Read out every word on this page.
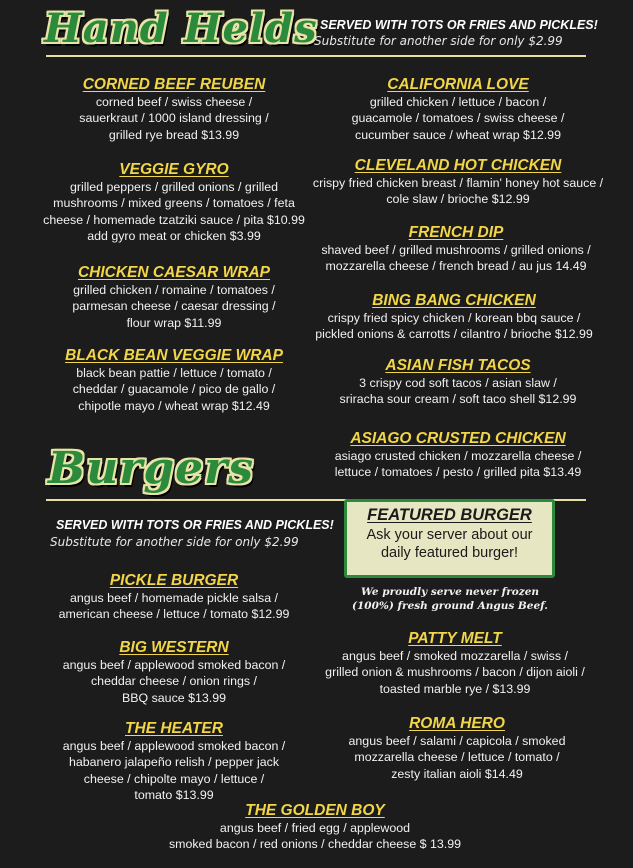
Hand Helds SERVED WITH TOTS OR FRIES AND PICKLES!
Substitute for another side for only $2.99
CORNED BEEF REUBEN
corned beef / swiss cheese /
sauerkraut / 1000 island dressing /
grilled rye bread $13.99
VEGGIE GYRO
grilled peppers / grilled onions / grilled
mushrooms / mixed greens / tomatoes / feta
cheese / homemade tzatziki sauce / pita $10.99
add gyro meat or chicken $3.99
CHICKEN CAESAR WRAP
grilled chicken / romaine / tomatoes /
parmesan cheese / caesar dressing /
flour wrap $11.99
BLACK BEAN VEGGIE WRAP
black bean pattie / lettuce / tomato /
cheddar / guacamole / pico de gallo /
chipotle mayo / wheat wrap $12.49
CALIFORNIA LOVE
grilled chicken / lettuce / bacon /
guacamole / tomatoes / swiss cheese /
cucumber sauce / wheat wrap $12.99
CLEVELAND HOT CHICKEN
crispy fried chicken breast / flamin' honey hot sauce /
cole slaw / brioche $12.99
FRENCH DIP
shaved beef / grilled mushrooms / grilled onions /
mozzarella cheese / french bread / au jus 14.49
BING BANG CHICKEN
crispy fried spicy chicken / korean bbq sauce /
pickled onions & carrotts / cilantro / brioche $12.99
ASIAN FISH TACOS
3 crispy cod soft tacos / asian slaw /
sriracha sour cream / soft taco shell $12.99
ASIAGO CRUSTED CHICKEN
asiago crusted chicken / mozzarella cheese /
lettuce / tomatoes / pesto / grilled pita $13.49
Burgers
SERVED WITH TOTS OR FRIES AND PICKLES!
Substitute for another side for only $2.99
FEATURED BURGER
Ask your server about our
daily featured burger!
We proudly serve never frozen
(100%) fresh ground Angus Beef.
PICKLE BURGER
angus beef / homemade pickle salsa /
american cheese / lettuce / tomato $12.99
BIG WESTERN
angus beef / applewood smoked bacon /
cheddar cheese / onion rings /
BBQ sauce $13.99
THE HEATER
angus beef / applewood smoked bacon /
habanero jalapeño relish / pepper jack
cheese / chipolte mayo / lettuce /
tomato $13.99
PATTY MELT
angus beef / smoked mozzarella / swiss /
grilled onion & mushrooms / bacon / dijon aioli /
toasted marble rye / $13.99
ROMA HERO
angus beef / salami / capicola / smoked
mozzarella cheese / lettuce / tomato /
zesty italian aioli $14.49
THE GOLDEN BOY
angus beef / fried egg / applewood
smoked bacon / red onions / cheddar cheese $ 13.99
